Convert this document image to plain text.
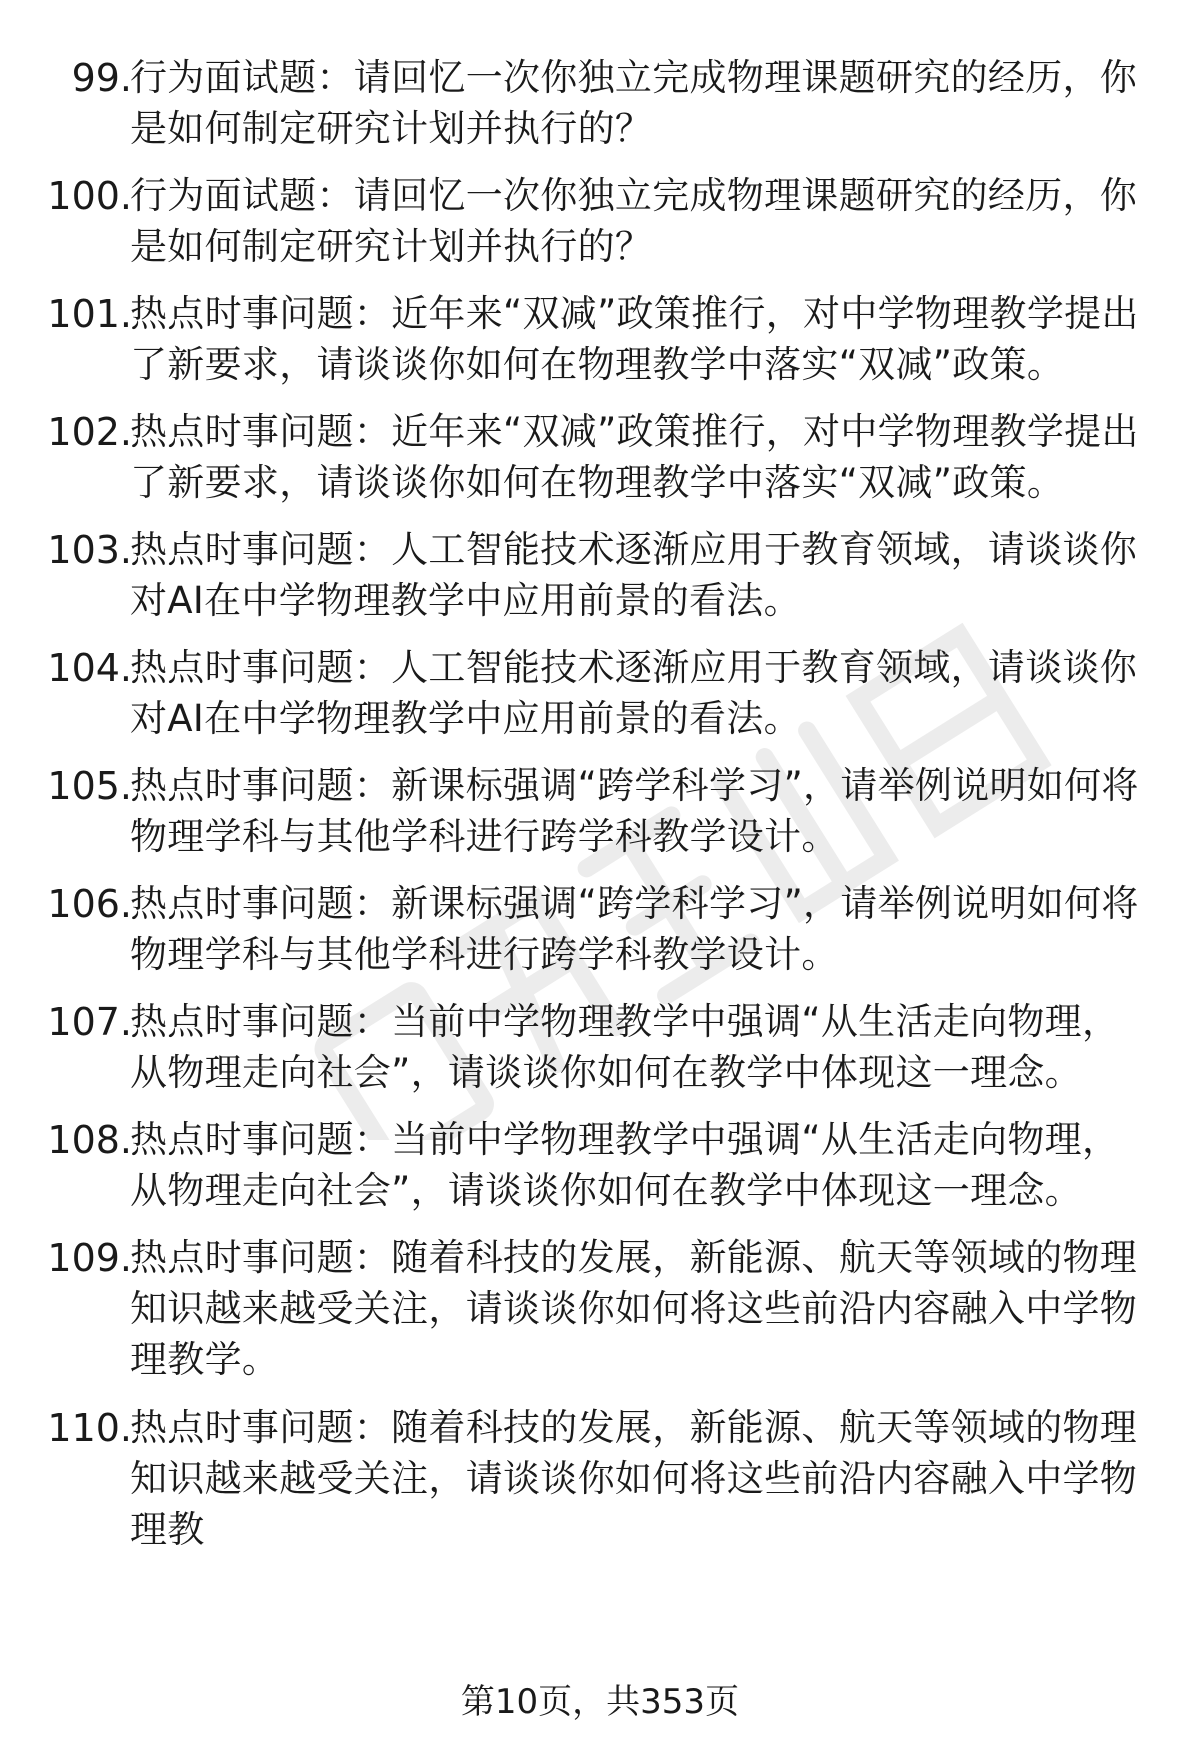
99.
行为面试题：请回忆一次你独立完成物理课题研究的经历，你是如何制定研究计划并执行的？
100.
行为面试题：请回忆一次你独立完成物理课题研究的经历，你是如何制定研究计划并执行的？
101.
热点时事问题：近年来“双减”政策推行，对中学物理教学提出了新要求，请谈谈你如何在物理教学中落实“双减”政策。
102.
热点时事问题：近年来“双减”政策推行，对中学物理教学提出了新要求，请谈谈你如何在物理教学中落实“双减”政策。
103.
热点时事问题：人工智能技术逐渐应用于教育领域，请谈谈你对AI在中学物理教学中应用前景的看法。
104.
热点时事问题：人工智能技术逐渐应用于教育领域，请谈谈你对AI在中学物理教学中应用前景的看法。
105.
热点时事问题：新课标强调“跨学科学习”，请举例说明如何将物理学科与其他学科进行跨学科教学设计。
106.
热点时事问题：新课标强调“跨学科学习”，请举例说明如何将物理学科与其他学科进行跨学科教学设计。
107.
热点时事问题：当前中学物理教学中强调“从生活走向物理，从物理走向社会”，请谈谈你如何在教学中体现这一理念。
108.
热点时事问题：当前中学物理教学中强调“从生活走向物理，从物理走向社会”，请谈谈你如何在教学中体现这一理念。
109.
热点时事问题：随着科技的发展，新能源、航天等领域的物理知识越来越受关注，请谈谈你如何将这些前沿内容融入中学物理教学。
110.
热点时事问题：随着科技的发展，新能源、航天等领域的物理知识越来越受关注，请谈谈你如何将这些前沿内容融入中学物理教
第10页，共353页
